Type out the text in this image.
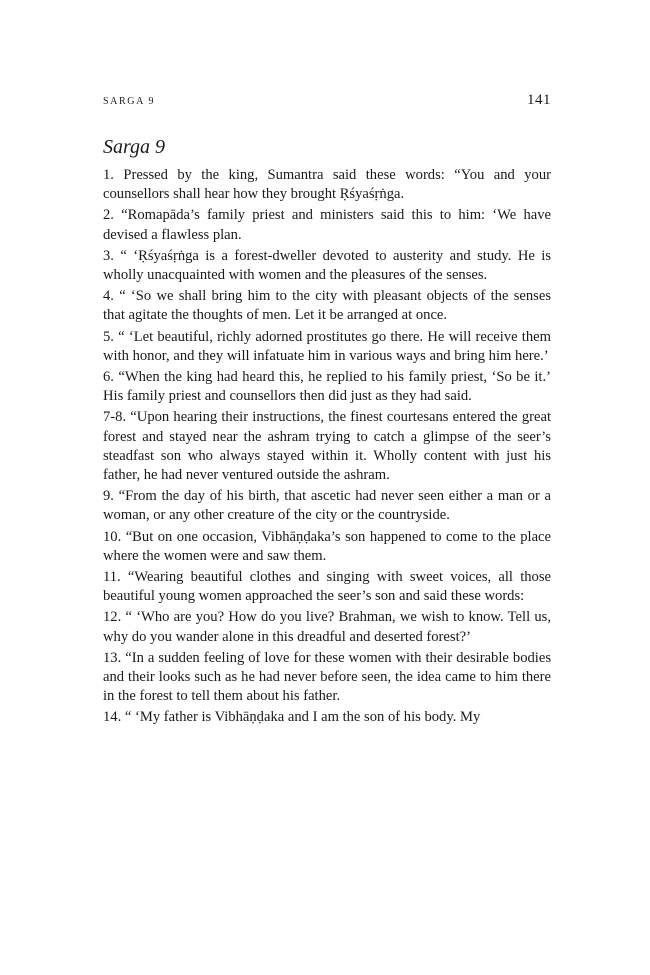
SARGA 9	141
Sarga 9

1. Pressed by the king, Sumantra said these words: “You and your counsellors shall hear how they brought Ṛśyaśṛṅga.

2. “Romapāda’s family priest and ministers said this to him: ‘We have devised a flawless plan.

3. “ ‘Ṛśyaśṛṅga is a forest-dweller devoted to austerity and study. He is wholly unacquainted with women and the pleasures of the senses.

4. “ ‘So we shall bring him to the city with pleasant objects of the senses that agitate the thoughts of men. Let it be arranged at once.

5. “ ‘Let beautiful, richly adorned prostitutes go there. He will receive them with honor, and they will infatuate him in various ways and bring him here.’

6. “When the king had heard this, he replied to his family priest, ‘So be it.’ His family priest and counsellors then did just as they had said.

7-8. “Upon hearing their instructions, the finest courtesans entered the great forest and stayed near the ashram trying to catch a glimpse of the seer’s steadfast son who always stayed within it. Wholly content with just his father, he had never ventured outside the ashram.

9. “From the day of his birth, that ascetic had never seen either a man or a woman, or any other creature of the city or the countryside.

10. “But on one occasion, Vibhāṇḍaka’s son happened to come to the place where the women were and saw them.

11. “Wearing beautiful clothes and singing with sweet voices, all those beautiful young women approached the seer’s son and said these words:

12. “ ‘Who are you? How do you live? Brahman, we wish to know. Tell us, why do you wander alone in this dreadful and deserted forest?’

13. “In a sudden feeling of love for these women with their desirable bodies and their looks such as he had never before seen, the idea came to him there in the forest to tell them about his father.

14. “ ‘My father is Vibhāṇḍaka and I am the son of his body. My
